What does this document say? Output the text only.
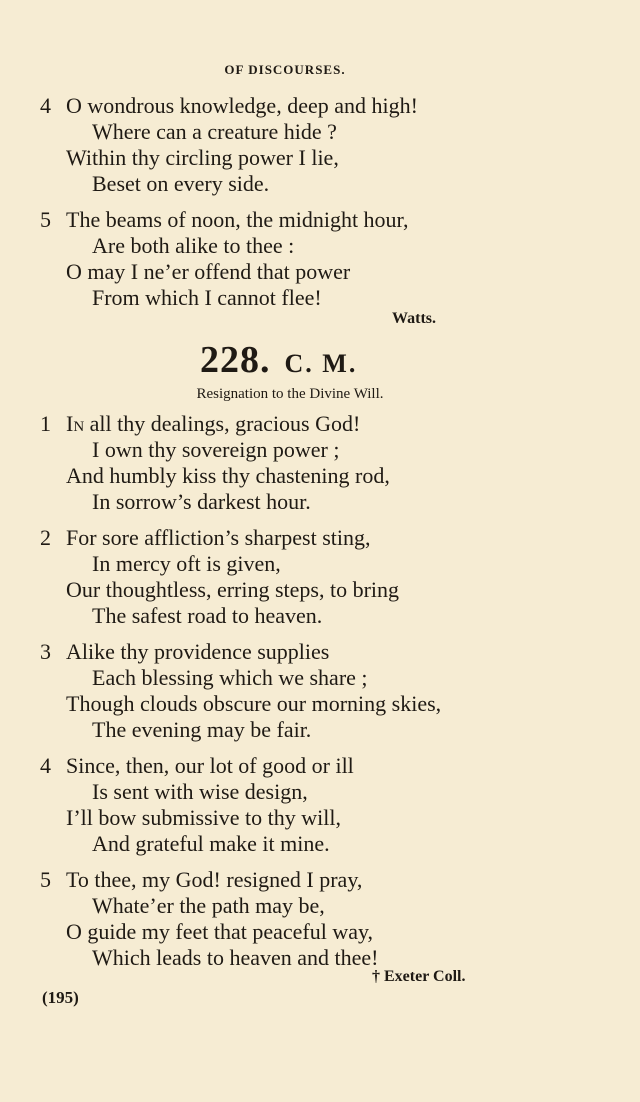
OF DISCOURSES.
4 O wondrous knowledge, deep and high!
Where can a creature hide ?
Within thy circling power I lie,
Beset on every side.
5 The beams of noon, the midnight hour,
Are both alike to thee :
O may I ne’er offend that power
From which I cannot flee!
Watts.
228. C. M.
Resignation to the Divine Will.
1 In all thy dealings, gracious God!
I own thy sovereign power ;
And humbly kiss thy chastening rod,
In sorrow’s darkest hour.
2 For sore affliction’s sharpest sting,
In mercy oft is given,
Our thoughtless, erring steps, to bring
The safest road to heaven.
3 Alike thy providence supplies
Each blessing which we share ;
Though clouds obscure our morning skies,
The evening may be fair.
4 Since, then, our lot of good or ill
Is sent with wise design,
I’ll bow submissive to thy will,
And grateful make it mine.
5 To thee, my God! resigned I pray,
Whate’er the path may be,
O guide my feet that peaceful way,
Which leads to heaven and thee!
† Exeter Coll.
(195)
